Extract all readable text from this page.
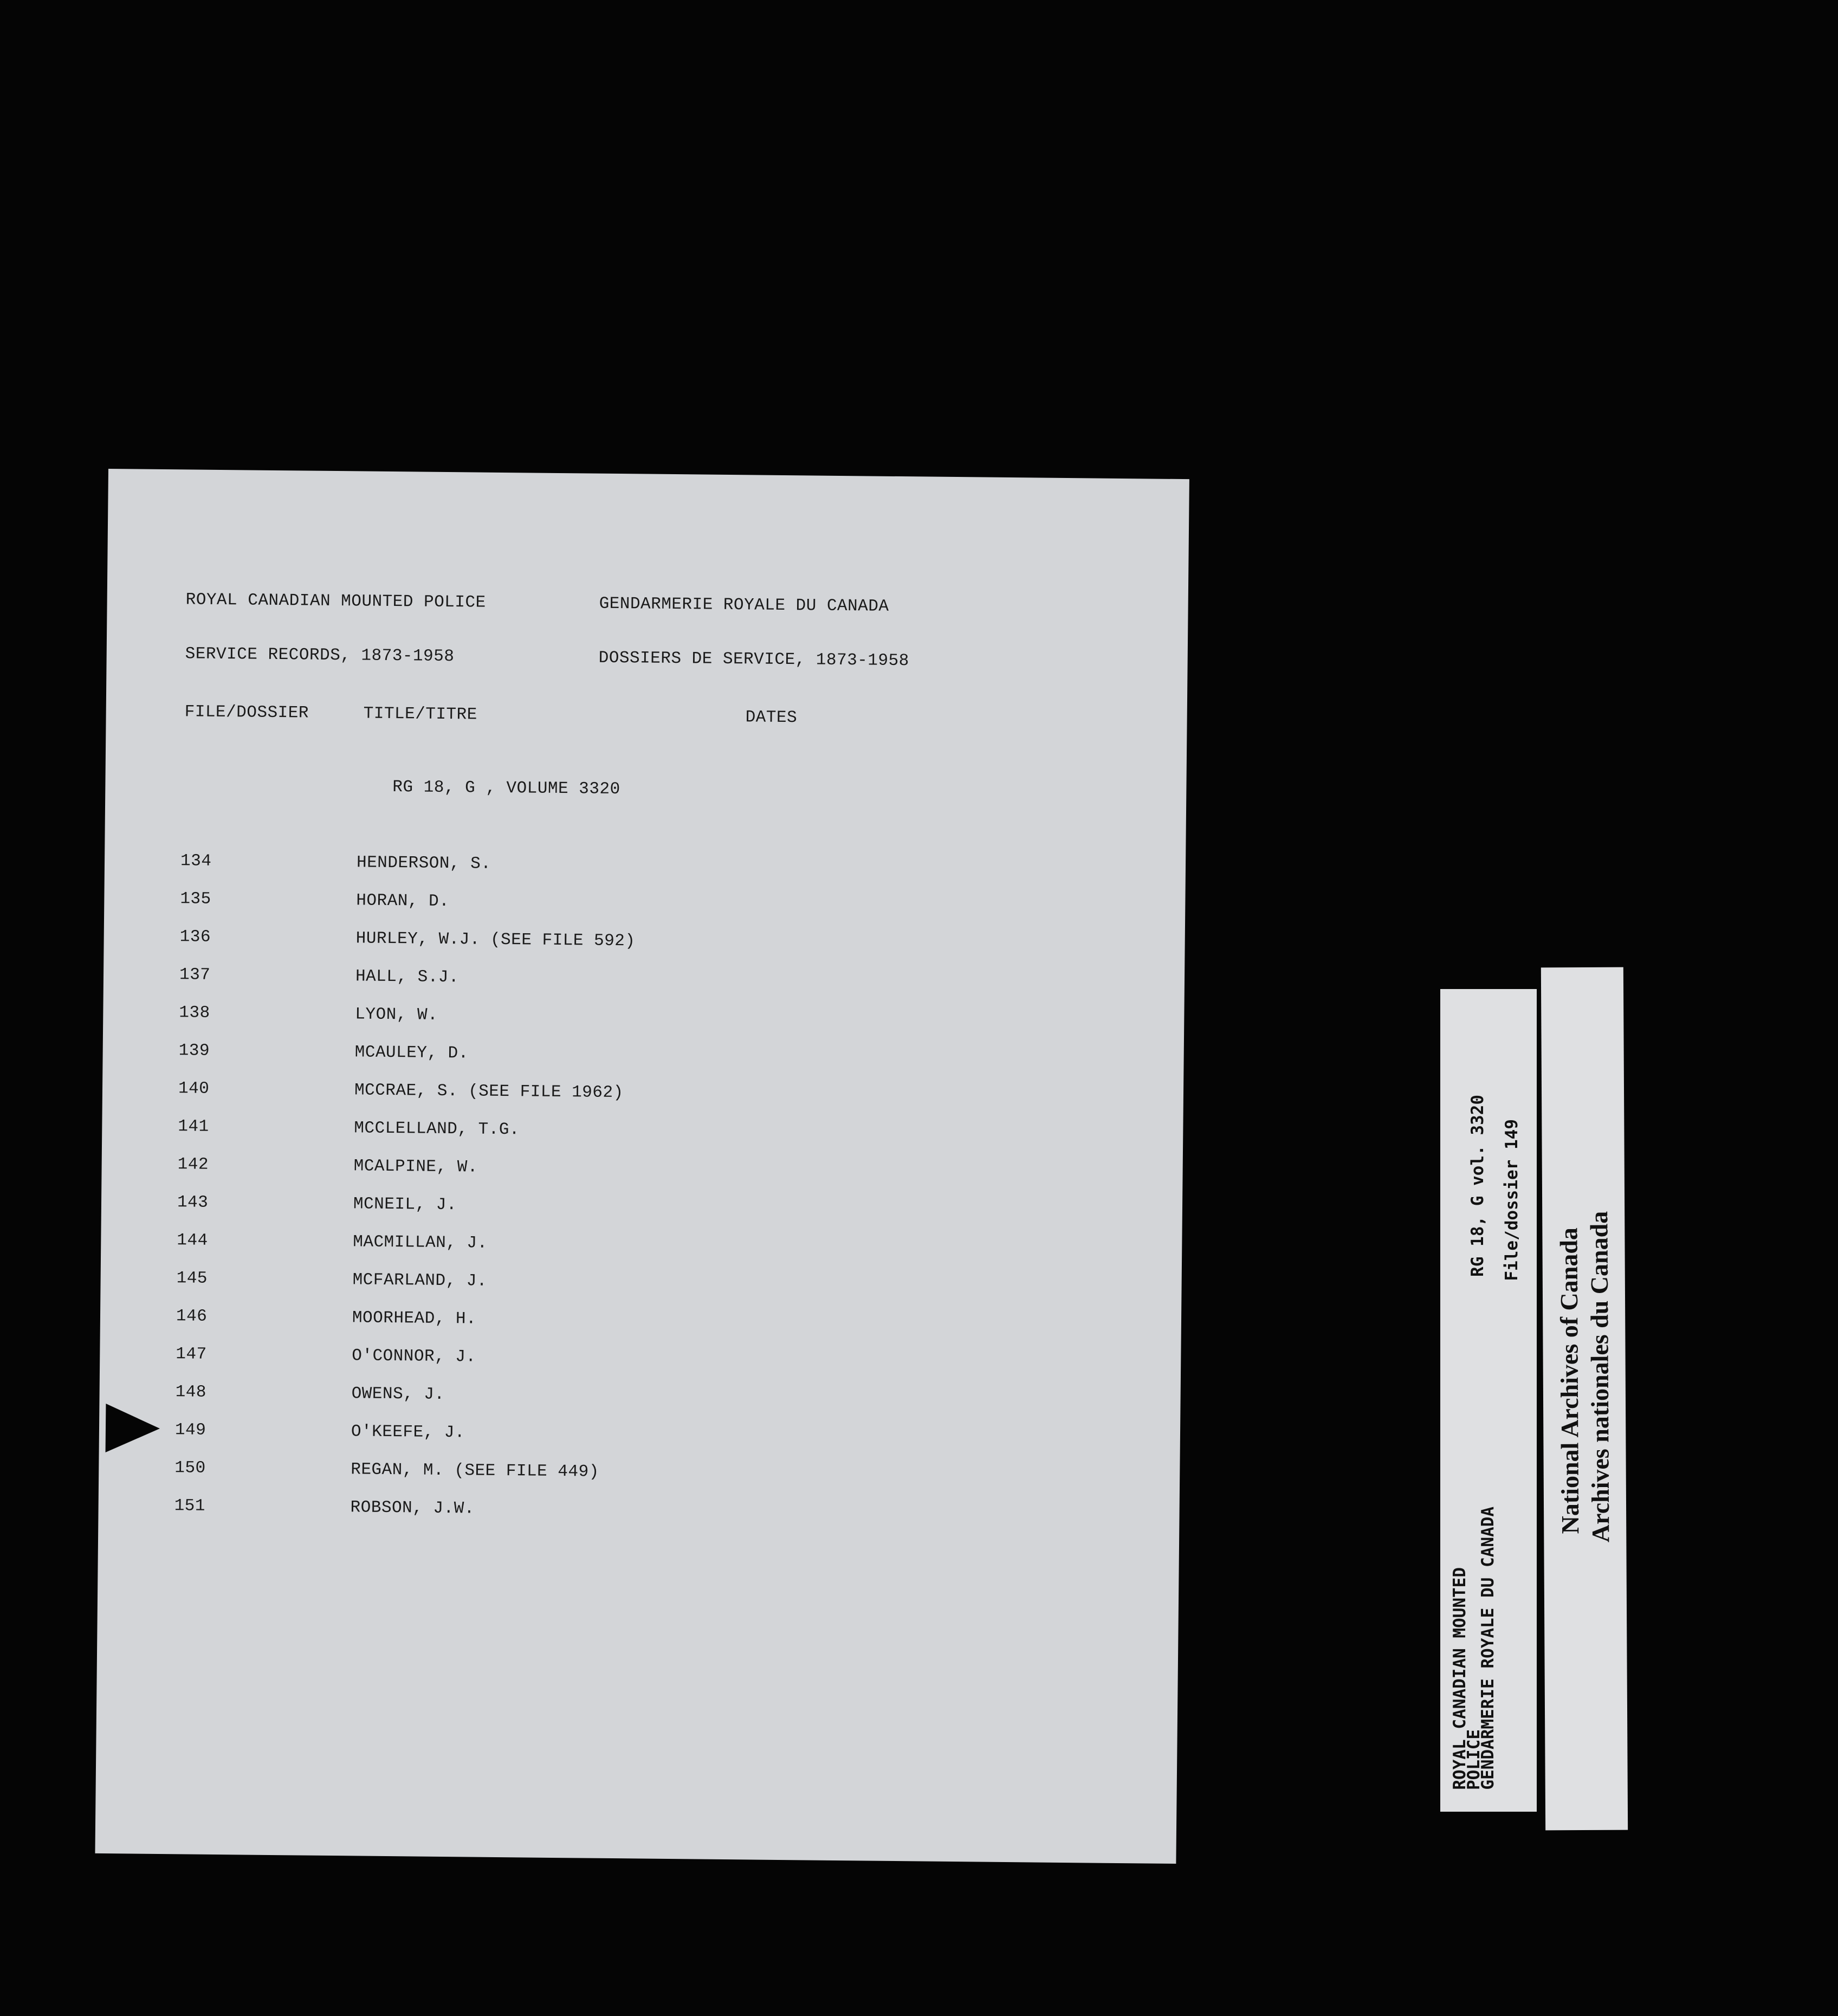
ROYAL CANADIAN MOUNTED POLICE	GENDARMERIE ROYALE DU CANADA
SERVICE RECORDS, 1873-1958	DOSSIERS DE SERVICE, 1873-1958
FILE/DOSSIER	TITLE/TITRE	DATES
RG 18, G , VOLUME 3320
134	HENDERSON, S.
135	HORAN, D.
136	HURLEY, W.J. (SEE FILE 592)
137	HALL, S.J.
138	LYON, W.
139	MCAULEY, D.
140	MCCRAE, S. (SEE FILE 1962)
141	MCCLELLAND, T.G.
142	MCALPINE, W.
143	MCNEIL, J.
144	MACMILLAN, J.
145	MCFARLAND, J.
146	MOORHEAD, H.
147	O'CONNOR, J.
148	OWENS, J.
149	O'KEEFE, J.
150	REGAN, M. (SEE FILE 449)
151	ROBSON, J.W.
ROYAL CANADIAN MOUNTED
POLICE
GENDARMERIE ROYALE DU CANADA
RG 18, G vol. 3320 File/dossier 149
National Archives of Canada Archives nationales du Canada
